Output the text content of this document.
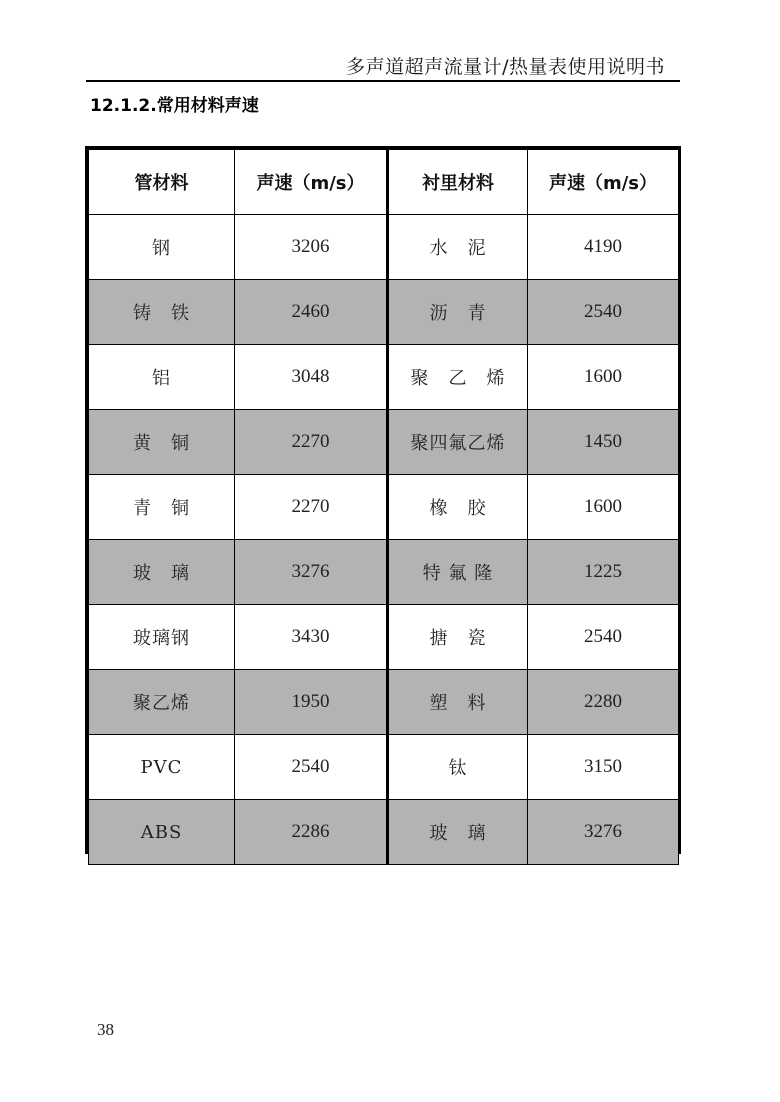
多声道超声流量计/热量表使用说明书
12.1.2.常用材料声速
管材料	声速（m/s）	衬里材料	声速（m/s）
钢	3206	水　泥	4190
铸　铁	2460	沥　青	2540
铝	3048	聚　乙　烯	1600
黄　铜	2270	聚四氟乙烯	1450
青　铜	2270	橡　胶	1600
玻　璃	3276	特 氟 隆	1225
玻璃钢	3430	搪　瓷	2540
聚乙烯	1950	塑　料	2280
PVC	2540	钛	3150
ABS	2286	玻　璃	3276
38
